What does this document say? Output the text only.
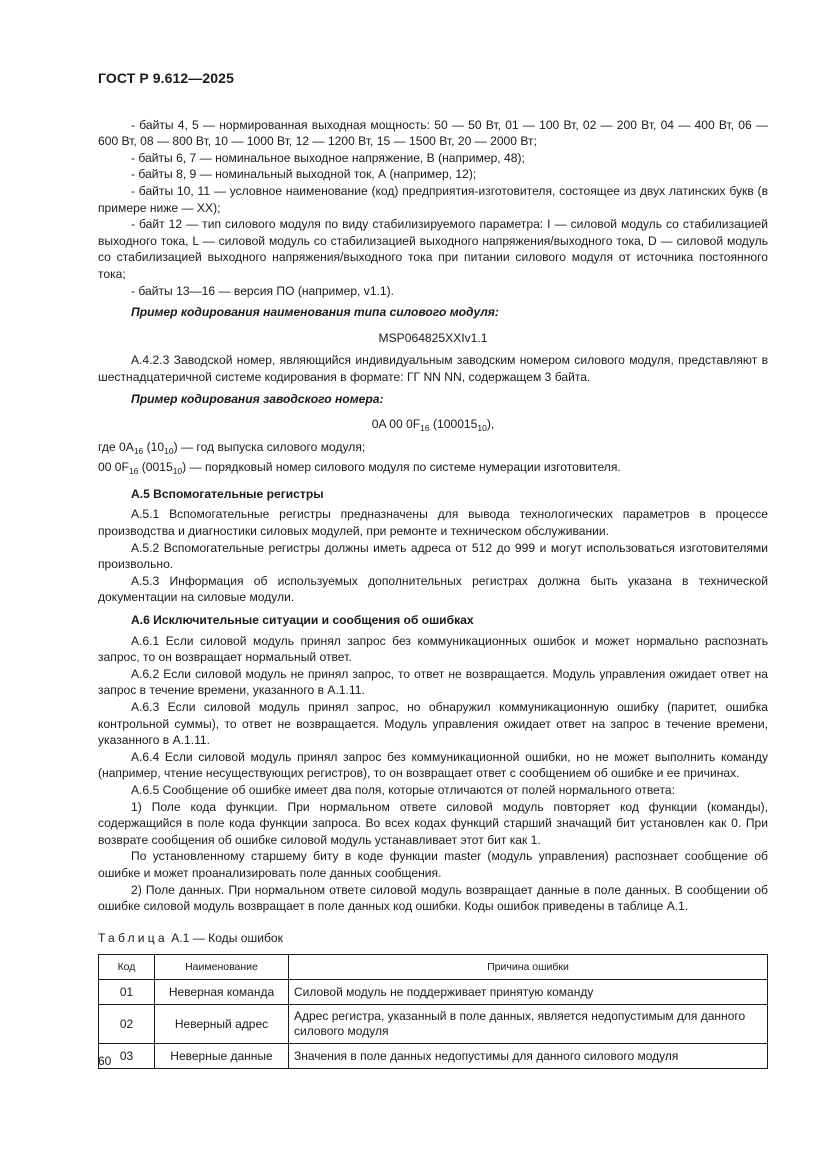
ГОСТ Р 9.612—2025

- байты 4, 5 — нормированная выходная мощность: 50 — 50 Вт, 01 — 100 Вт, 02 — 200 Вт, 04 — 400 Вт, 06 — 600 Вт, 08 — 800 Вт, 10 — 1000 Вт, 12 — 1200 Вт, 15 — 1500 Вт, 20 — 2000 Вт;

- байты 6, 7 — номинальное выходное напряжение, В (например, 48);

- байты 8, 9 — номинальный выходной ток, А (например, 12);

- байты 10, 11 — условное наименование (код) предприятия-изготовителя, состоящее из двух латинских букв (в примере ниже — XX);

- байт 12 — тип силового модуля по виду стабилизируемого параметра: I — силовой модуль со стабилизацией выходного тока, L — силовой модуль со стабилизацией выходного напряжения/выходного тока, D — силовой модуль со стабилизацией выходного напряжения/выходного тока при питании силового модуля от источника постоянного тока;

- байты 13—16 — версия ПО (например, v1.1).

Пример кодирования наименования типа силового модуля:

MSP064825XXIv1.1

А.4.2.3 Заводской номер, являющийся индивидуальным заводским номером силового модуля, представляют в шестнадцатеричной системе кодирования в формате: ГГ NN NN, содержащем 3 байта.

Пример кодирования заводского номера:

0A 00 $0F_{16}$ $(100015_{10})$,

где $0A_{16}$ $(10_{10})$ — год выпуска силового модуля;

00 $0F_{16}$ $(0015_{10})$ — порядковый номер силового модуля по системе нумерации изготовителя.

А.5 Вспомогательные регистры

А.5.1 Вспомогательные регистры предназначены для вывода технологических параметров в процессе производства и диагностики силовых модулей, при ремонте и техническом обслуживании.

А.5.2 Вспомогательные регистры должны иметь адреса от 512 до 999 и могут использоваться изготовителями произвольно.

А.5.3 Информация об используемых дополнительных регистрах должна быть указана в технической документации на силовые модули.

А.6 Исключительные ситуации и сообщения об ошибках

А.6.1 Если силовой модуль принял запрос без коммуникационных ошибок и может нормально распознать запрос, то он возвращает нормальный ответ.

А.6.2 Если силовой модуль не принял запрос, то ответ не возвращается. Модуль управления ожидает ответ на запрос в течение времени, указанного в А.1.11.

А.6.3 Если силовой модуль принял запрос, но обнаружил коммуникационную ошибку (паритет, ошибка контрольной суммы), то ответ не возвращается. Модуль управления ожидает ответ на запрос в течение времени, указанного в А.1.11.

А.6.4 Если силовой модуль принял запрос без коммуникационной ошибки, но не может выполнить команду (например, чтение несуществующих регистров), то он возвращает ответ с сообщением об ошибке и ее причинах.

А.6.5 Сообщение об ошибке имеет два поля, которые отличаются от полей нормального ответа:

1) Поле кода функции. При нормальном ответе силовой модуль повторяет код функции (команды), содержащийся в поле кода функции запроса. Во всех кодах функций старший значащий бит установлен как 0. При возврате сообщения об ошибке силовой модуль устанавливает этот бит как 1.

По установленному старшему биту в коде функции master (модуль управления) распознает сообщение об ошибке и может проанализировать поле данных сообщения.

2) Поле данных. При нормальном ответе силовой модуль возвращает данные в поле данных. В сообщении об ошибке силовой модуль возвращает в поле данных код ошибки. Коды ошибок приведены в таблице А.1.

Таблица А.1 — Коды ошибок
Код	Наименование	Причина ошибки
01	Неверная команда	Силовой модуль не поддерживает принятую команду
02	Неверный адрес	Адрес регистра, указанный в поле данных, является недопустимым для данного силового модуля
03	Неверные данные	Значения в поле данных недопустимы для данного силового модуля
60
